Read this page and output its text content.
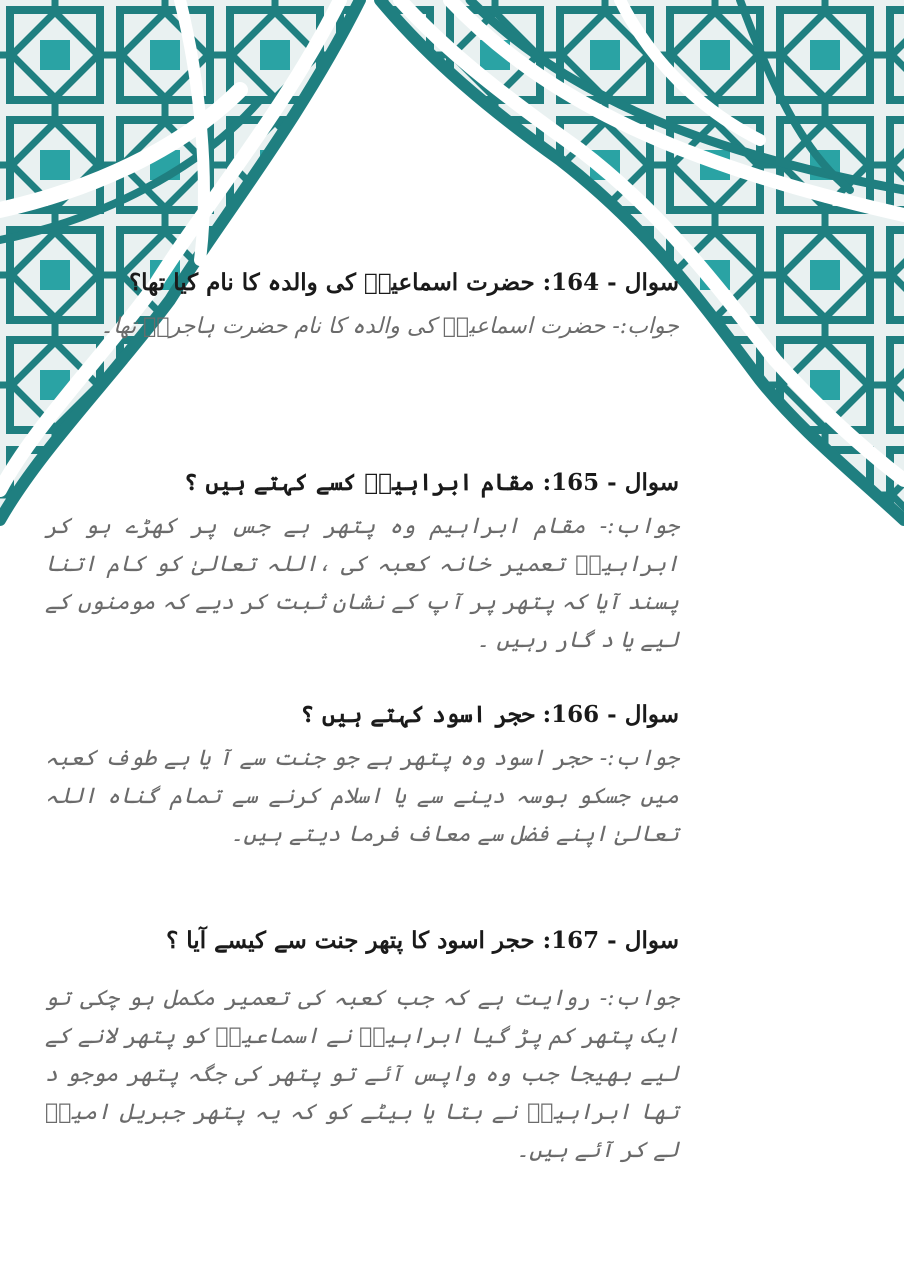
سوال - 164: حضرت اسماعیلؑ کی والدہ کا نام کیا تھا؟

جواب:- حضرت اسماعیلؑ کی والدہ کا نام حضرت ہاجرہؑ تھا۔

سوال - 165: مقام ابراہیمؑ کسے کہتے ہیں ؟

جواب:- مقام ابراہیم وہ پتھر ہے جس پر کھڑے ہو کر ابراہیمؑ تعمیر خانہ کعبہ کی ،اللہ تعالیٰ کو کام اتنا پسند آیا کہ پتھر پر آپ کے نشان ثبت کر دیے کہ مومنوں کے لیے یا د گار رہیں ۔

سوال - 166: حجر اسود کہتے ہیں ؟

جواب:- حجر اسود وہ پتھر ہے جو جنت سے آ یا ہے طوف کعبہ میں جسکو بوسہ دینے سے یا اسلام کرنے سے تمام گناہ اللہ تعالیٰ اپنے فضل سے معاف فرما دیتے ہیں۔

سوال - 167: حجر اسود کا پتھر جنت سے کیسے آیا ؟

جواب:- روایت ہے کہ جب کعبہ کی تعمیر مکمل ہو چکی تو ایک پتھر کم پڑ گیا ابراہیمؑ نے اسماعیلؑ کو پتھر لانے کے لیے بھیجا جب وہ واپس آئے تو پتھر کی جگہ پتھر موجو د تھا ابراہیمؑ نے بتا یا بیٹے کو کہ یہ پتھر جبریل امینؑ لے کر آئے ہیں۔
